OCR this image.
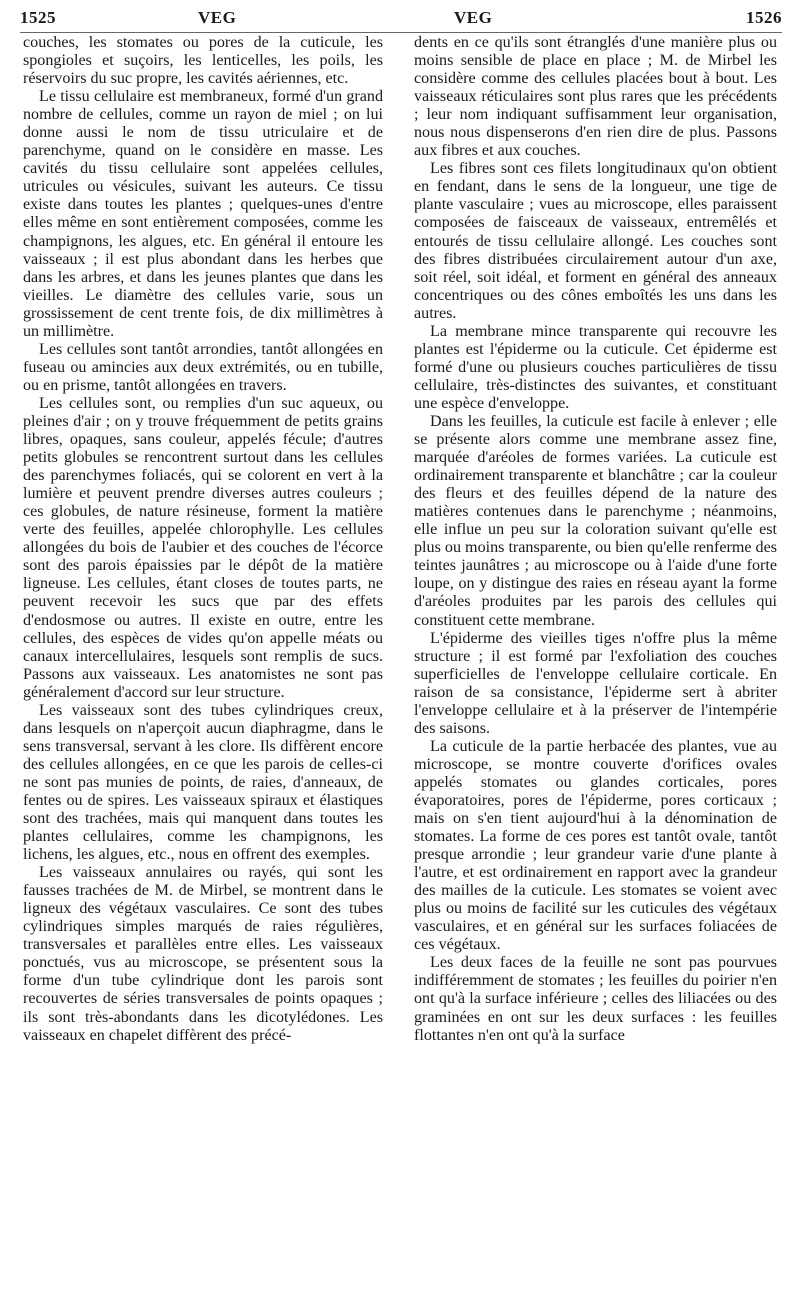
1525	VEG	VEG	1526

couches, les stomates ou pores de la cuticule, les spongioles et suçoirs, les lenticelles, les poils, les réservoirs du suc propre, les cavités aériennes, etc.

Le tissu cellulaire est membraneux, formé d'un grand nombre de cellules, comme un rayon de miel ; on lui donne aussi le nom de tissu utriculaire et de parenchyme, quand on le considère en masse. Les cavités du tissu cellulaire sont appelées cellules, utricules ou vésicules, suivant les auteurs. Ce tissu existe dans toutes les plantes ; quelques-unes d'entre elles même en sont entièrement composées, comme les champignons, les algues, etc. En général il entoure les vaisseaux ; il est plus abondant dans les herbes que dans les arbres, et dans les jeunes plantes que dans les vieilles. Le diamètre des cellules varie, sous un grossissement de cent trente fois, de dix millimètres à un millimètre.

Les cellules sont tantôt arrondies, tantôt allongées en fuseau ou amincies aux deux extrémités, ou en tubille, ou en prisme, tantôt allongées en travers.

Les cellules sont, ou remplies d'un suc aqueux, ou pleines d'air ; on y trouve fréquemment de petits grains libres, opaques, sans couleur, appelés fécule; d'autres petits globules se rencontrent surtout dans les cellules des parenchymes foliacés, qui se colorent en vert à la lumière et peuvent prendre diverses autres couleurs ; ces globules, de nature résineuse, forment la matière verte des feuilles, appelée chlorophylle. Les cellules allongées du bois de l'aubier et des couches de l'écorce sont des parois épaissies par le dépôt de la matière ligneuse. Les cellules, étant closes de toutes parts, ne peuvent recevoir les sucs que par des effets d'endosmose ou autres. Il existe en outre, entre les cellules, des espèces de vides qu'on appelle méats ou canaux intercellulaires, lesquels sont remplis de sucs. Passons aux vaisseaux. Les anatomistes ne sont pas généralement d'accord sur leur structure.

Les vaisseaux sont des tubes cylindriques creux, dans lesquels on n'aperçoit aucun diaphragme, dans le sens transversal, servant à les clore. Ils diffèrent encore des cellules allongées, en ce que les parois de celles-ci ne sont pas munies de points, de raies, d'anneaux, de fentes ou de spires. Les vaisseaux spiraux et élastiques sont des trachées, mais qui manquent dans toutes les plantes cellulaires, comme les champignons, les lichens, les algues, etc., nous en offrent des exemples.

Les vaisseaux annulaires ou rayés, qui sont les fausses trachées de M. de Mirbel, se montrent dans le ligneux des végétaux vasculaires. Ce sont des tubes cylindriques simples marqués de raies régulières, transversales et parallèles entre elles. Les vaisseaux ponctués, vus au microscope, se présentent sous la forme d'un tube cylindrique dont les parois sont recouvertes de séries transversales de points opaques ; ils sont très-abondants dans les dicotylédones. Les vaisseaux en chapelet diffèrent des précé-

dents en ce qu'ils sont étranglés d'une manière plus ou moins sensible de place en place ; M. de Mirbel les considère comme des cellules placées bout à bout. Les vaisseaux réticulaires sont plus rares que les précédents ; leur nom indiquant suffisamment leur organisation, nous nous dispenserons d'en rien dire de plus. Passons aux fibres et aux couches.

Les fibres sont ces filets longitudinaux qu'on obtient en fendant, dans le sens de la longueur, une tige de plante vasculaire ; vues au microscope, elles paraissent composées de faisceaux de vaisseaux, entremêlés et entourés de tissu cellulaire allongé. Les couches sont des fibres distribuées circulairement autour d'un axe, soit réel, soit idéal, et forment en général des anneaux concentriques ou des cônes emboîtés les uns dans les autres.

La membrane mince transparente qui recouvre les plantes est l'épiderme ou la cuticule. Cet épiderme est formé d'une ou plusieurs couches particulières de tissu cellulaire, très-distinctes des suivantes, et constituant une espèce d'enveloppe.

Dans les feuilles, la cuticule est facile à enlever ; elle se présente alors comme une membrane assez fine, marquée d'aréoles de formes variées. La cuticule est ordinairement transparente et blanchâtre ; car la couleur des fleurs et des feuilles dépend de la nature des matières contenues dans le parenchyme ; néanmoins, elle influe un peu sur la coloration suivant qu'elle est plus ou moins transparente, ou bien qu'elle renferme des teintes jaunâtres ; au microscope ou à l'aide d'une forte loupe, on y distingue des raies en réseau ayant la forme d'aréoles produites par les parois des cellules qui constituent cette membrane.

L'épiderme des vieilles tiges n'offre plus la même structure ; il est formé par l'exfoliation des couches superficielles de l'enveloppe cellulaire corticale. En raison de sa consistance, l'épiderme sert à abriter l'enveloppe cellulaire et à la préserver de l'intempérie des saisons.

La cuticule de la partie herbacée des plantes, vue au microscope, se montre couverte d'orifices ovales appelés stomates ou glandes corticales, pores évaporatoires, pores de l'épiderme, pores corticaux ; mais on s'en tient aujourd'hui à la dénomination de stomates. La forme de ces pores est tantôt ovale, tantôt presque arrondie ; leur grandeur varie d'une plante à l'autre, et est ordinairement en rapport avec la grandeur des mailles de la cuticule. Les stomates se voient avec plus ou moins de facilité sur les cuticules des végétaux vasculaires, et en général sur les surfaces foliacées de ces végétaux.

Les deux faces de la feuille ne sont pas pourvues indifféremment de stomates ; les feuilles du poirier n'en ont qu'à la surface inférieure ; celles des liliacées ou des graminées en ont sur les deux surfaces : les feuilles flottantes n'en ont qu'à la surface
